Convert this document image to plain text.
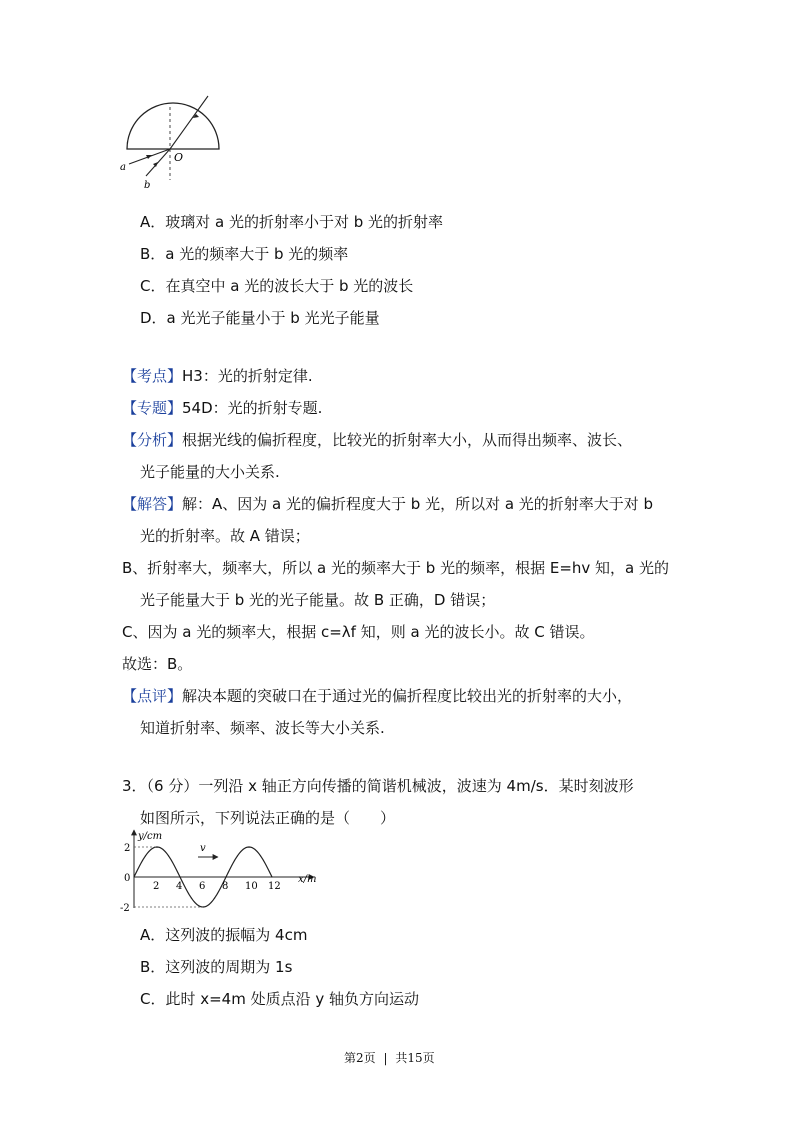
O
a
b
A．玻璃对 a 光的折射率小于对 b 光的折射率
B．a 光的频率大于 b 光的频率
C．在真空中 a 光的波长大于 b 光的波长
D．a 光光子能量小于 b 光光子能量
【考点】H3：光的折射定律.
【专题】54D：光的折射专题.
【分析】根据光线的偏折程度，比较光的折射率大小，从而得出频率、波长、
光子能量的大小关系.
【解答】解：A、因为 a 光的偏折程度大于 b 光，所以对 a 光的折射率大于对 b
光的折射率。故 A 错误；
B、折射率大，频率大，所以 a 光的频率大于 b 光的频率，根据 E=hv 知，a 光的
光子能量大于 b 光的光子能量。故 B 正确，D 错误；
C、因为 a 光的频率大，根据 c=λf 知，则 a 光的波长小。故 C 错误。
故选：B。
【点评】解决本题的突破口在于通过光的偏折程度比较出光的折射率的大小，
知道折射率、频率、波长等大小关系.
3．（6 分）一列沿 x 轴正方向传播的简谐机械波，波速为 4m/s．某时刻波形
如图所示，下列说法正确的是（　　）
y/cm
x/m
v
2 4 6 8 10 12
2
0
-2
A．这列波的振幅为 4cm
B．这列波的周期为 1s
C．此时 x=4m 处质点沿 y 轴负方向运动
第2页 | 共15页
